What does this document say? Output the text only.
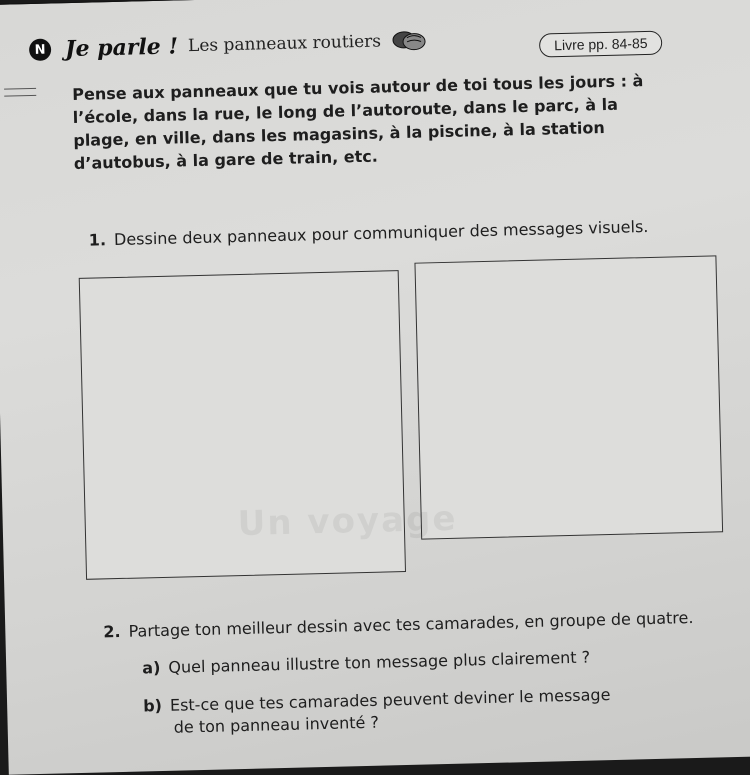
N Je parle ! Les panneaux routiers	Livre pp. 84-85
Pense aux panneaux que tu vois autour de toi tous les jours : à l’école, dans la rue, le long de l’autoroute, dans le parc, à la plage, en ville, dans les magasins, à la piscine, à la station d’autobus, à la gare de train, etc.
1. Dessine deux panneaux pour communiquer des messages visuels.
Un voyage
2. Partage ton meilleur dessin avec tes camarades, en groupe de quatre.
a) Quel panneau illustre ton message plus clairement ?
b) Est-ce que tes camarades peuvent deviner le message
de ton panneau inventé ?
